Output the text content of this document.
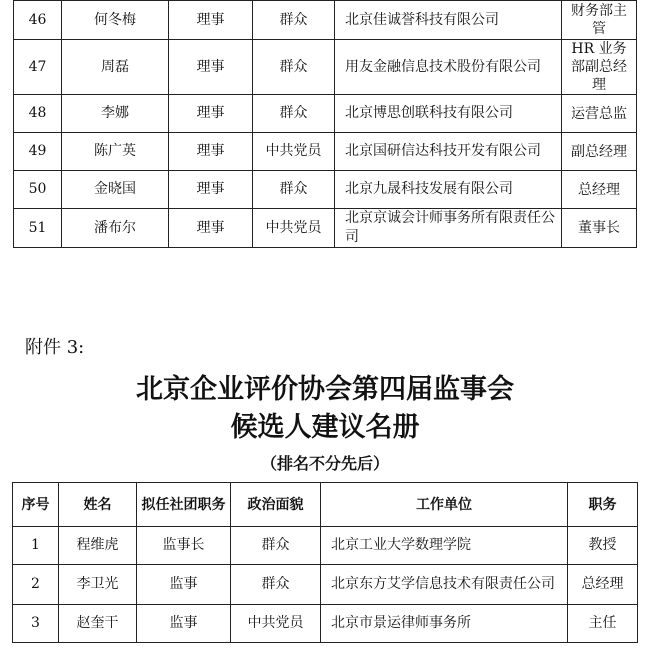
46	何冬梅	理事	群众	北京佳诚誉科技有限公司	财务部主管
47	周磊	理事	群众	用友金融信息技术股份有限公司	HR 业务部副总经理
48	李娜	理事	群众	北京博思创联科技有限公司	运营总监
49	陈广英	理事	中共党员	北京国研信达科技开发有限公司	副总经理
50	金晓国	理事	群众	北京九晟科技发展有限公司	总经理
51	潘布尔	理事	中共党员	北京京诚会计师事务所有限责任公司	董事长
附件 3:
北京企业评价协会第四届监事会
候选人建议名册
（排名不分先后）
序号	姓名	拟任社团职务	政治面貌	工作单位	职务
1	程维虎	监事长	群众	北京工业大学数理学院	教授
2	李卫光	监事	群众	北京东方艾学信息技术有限责任公司	总经理
3	赵奎干	监事	中共党员	北京市景运律师事务所	主任
